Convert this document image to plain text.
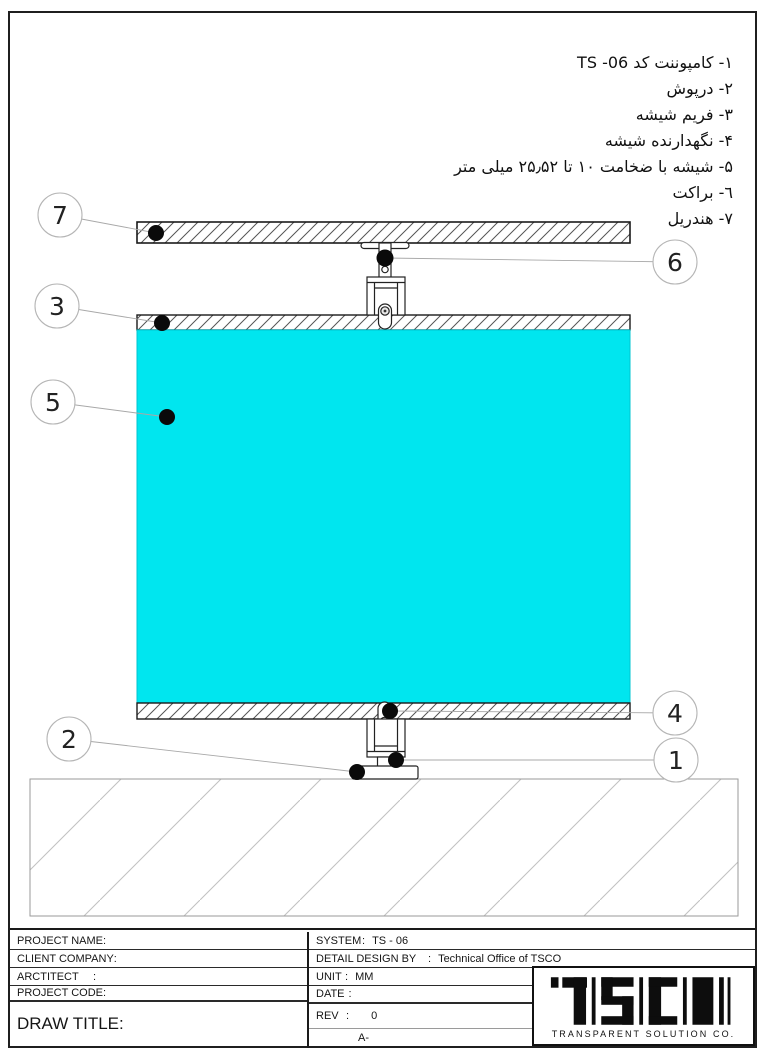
۱- کامپوننت کد ‎TS -06‎
۲- درپوش
۳- فریم شیشه
۴- نگهدارنده شیشه
۵- شیشه با ضخامت ۱۰ تا ۲۵٫۵۲ میلی متر
٦- براکت
۷- هندریل
7
3
5
2
6
4
1
PROJECT NAME :
CLIENT COMPANY :
ARCTITECT	:
PROJECT CODE :
DRAW TITLE :
SYSTEM : TS - 06
DETAIL DESIGN BY	: Technical Office of TSCO
UNIT : MM
DATE :
REV : 0
A-	TRANSPARENT SOLUTION CO.
